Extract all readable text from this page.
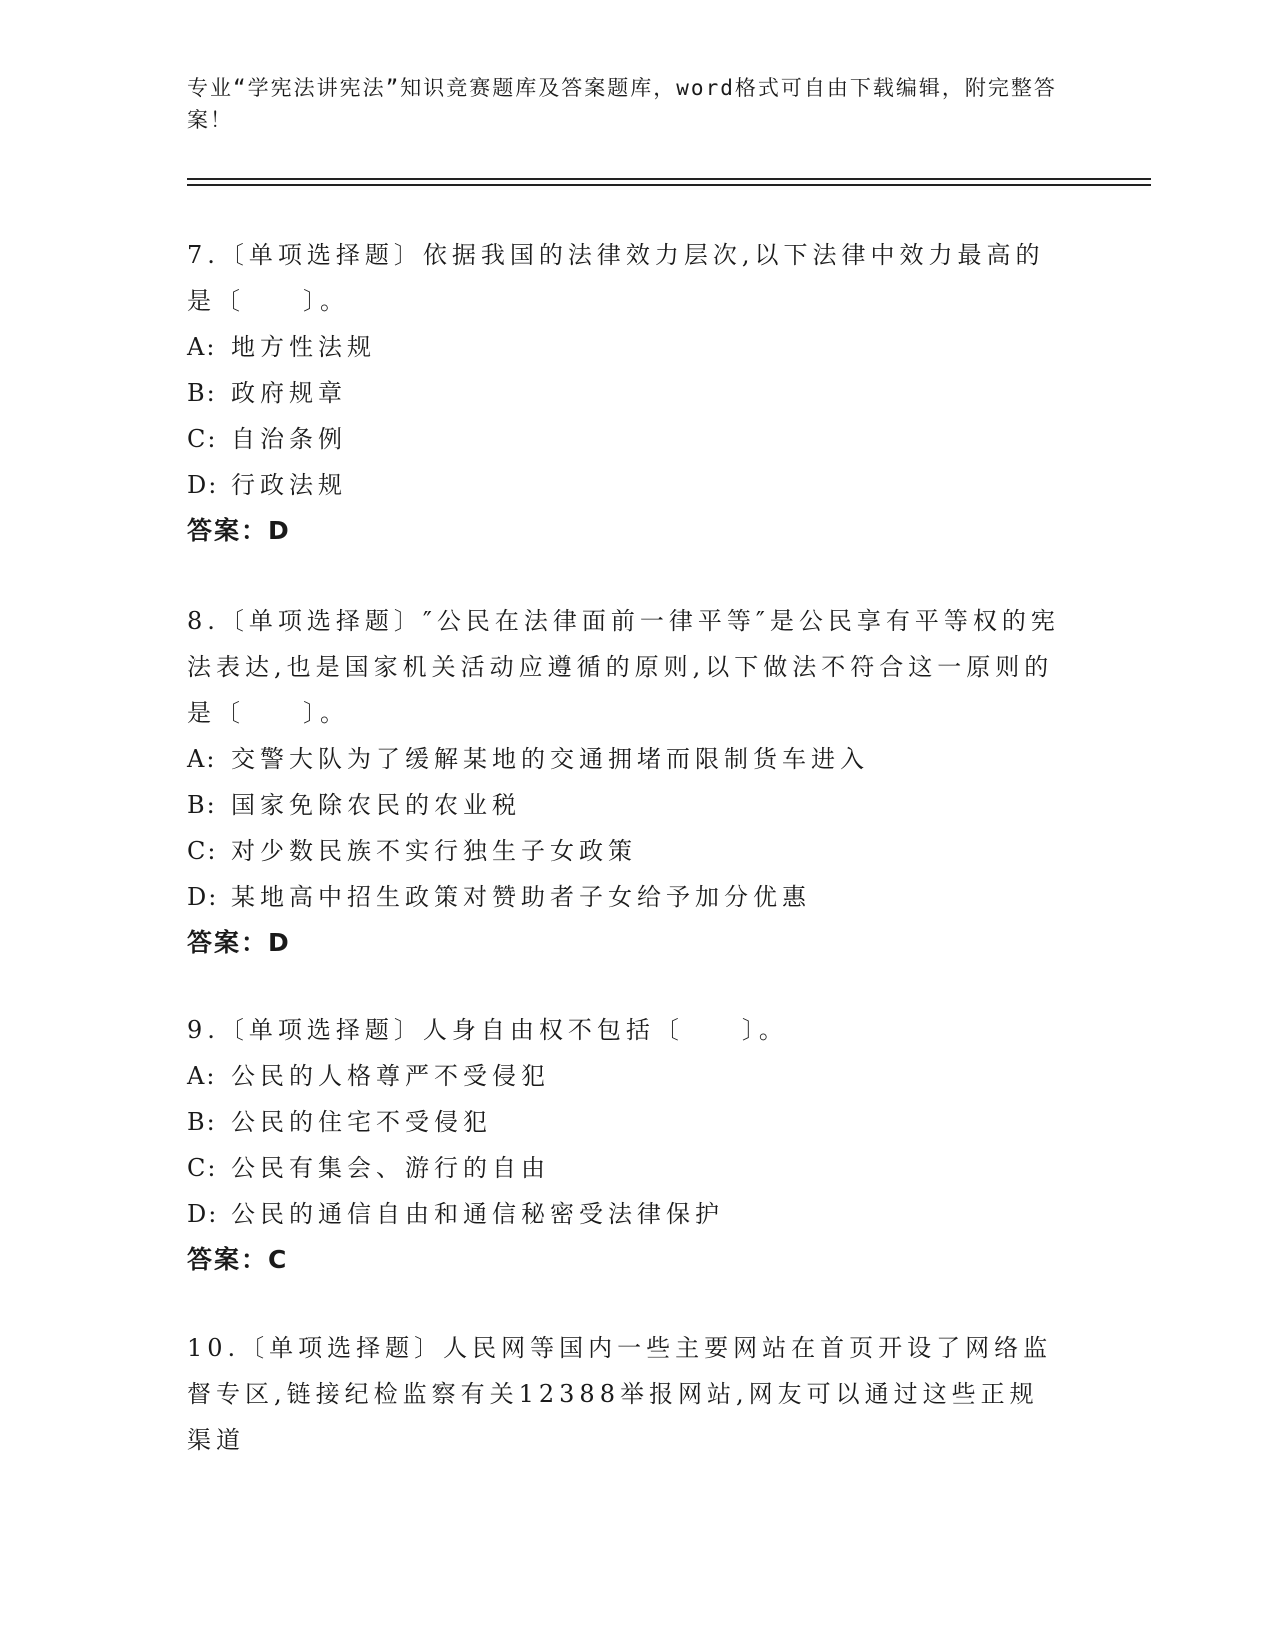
专业“学宪法讲宪法”知识竞赛题库及答案题库，word格式可自由下载编辑，附完整答案！

7.〔单项选择题〕依据我国的法律效力层次,以下法律中效力最高的是〔　　〕。

A: 地方性法规

B: 政府规章

C: 自治条例

D: 行政法规

答案：D

8.〔单项选择题〕″公民在法律面前一律平等″是公民享有平等权的宪法表达,也是国家机关活动应遵循的原则,以下做法不符合这一原则的是〔　　〕。

A: 交警大队为了缓解某地的交通拥堵而限制货车进入

B: 国家免除农民的农业税

C: 对少数民族不实行独生子女政策

D: 某地高中招生政策对赞助者子女给予加分优惠

答案：D

9.〔单项选择题〕人身自由权不包括〔　　〕。

A: 公民的人格尊严不受侵犯

B: 公民的住宅不受侵犯

C: 公民有集会、游行的自由

D: 公民的通信自由和通信秘密受法律保护

答案：C

10.〔单项选择题〕人民网等国内一些主要网站在首页开设了网络监督专区,链接纪检监察有关12388举报网站,网友可以通过这些正规渠道
